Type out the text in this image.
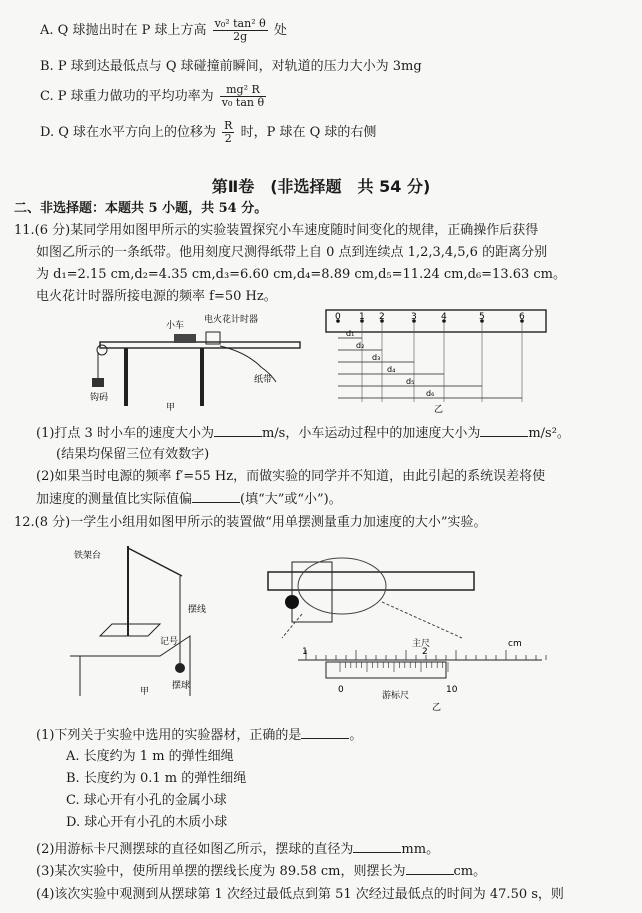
A. Q 球抛出时在 P 球上方高 $\frac{\text{v₀² tan² θ}}{2g}$ 处
B. P 球到达最低点与 Q 球碰撞前瞬间，对轨道的压力大小为 3mg
C. P 球重力做功的平均功率为 $\frac{\text{mg² R}}{\text{v₀ tan θ}}$
D. Q 球在水平方向上的位移为 $\frac{R}{2}$ 时，P 球在 Q 球的右侧
第Ⅱ卷　(非选择题　共 54 分)
二、非选择题：本题共 5 小题，共 54 分。
11.(6 分)某同学用如图甲所示的实验装置探究小车速度随时间变化的规律，正确操作后获得
如图乙所示的一条纸带。他用刻度尺测得纸带上自 0 点到连续点 1,2,3,4,5,6 的距离分别
为 d₁=2.15 cm,d₂=4.35 cm,d₃=6.60 cm,d₄=8.89 cm,d₅=11.24 cm,d₆=13.63 cm。
电火花计时器所接电源的频率 f=50 Hz。
小车
电火花计时器
钩码
纸带
甲
0 1 2	3	4	5	6
d₁
d₂
d₃
d₄
d₅
d₆
乙
(1)打点 3 时小车的速度大小为	m/s，小车运动过程中的加速度大小为	m/s²。
(结果均保留三位有效数字)
(2)如果当时电源的频率 f′=55 Hz，而做实验的同学并不知道，由此引起的系统误差将使
加速度的测量值比实际值偏	(填“大”或“小”)。
12.(8 分)一学生小组用如图甲所示的装置做“用单摆测量重力加速度的大小”实验。
铁架台
摆线
记号
摆球
甲
主尺	cm
1	2
0	10
游标尺
乙
(1)下列关于实验中选用的实验器材，正确的是	。
A. 长度约为 1 m 的弹性细绳
B. 长度约为 0.1 m 的弹性细绳
C. 球心开有小孔的金属小球
D. 球心开有小孔的木质小球
(2)用游标卡尺测摆球的直径如图乙所示，摆球的直径为	mm。
(3)某次实验中，使所用单摆的摆线长度为 89.58 cm，则摆长为	cm。
(4)该次实验中观测到从摆球第 1 次经过最低点到第 51 次经过最低点的时间为 47.50 s，则
